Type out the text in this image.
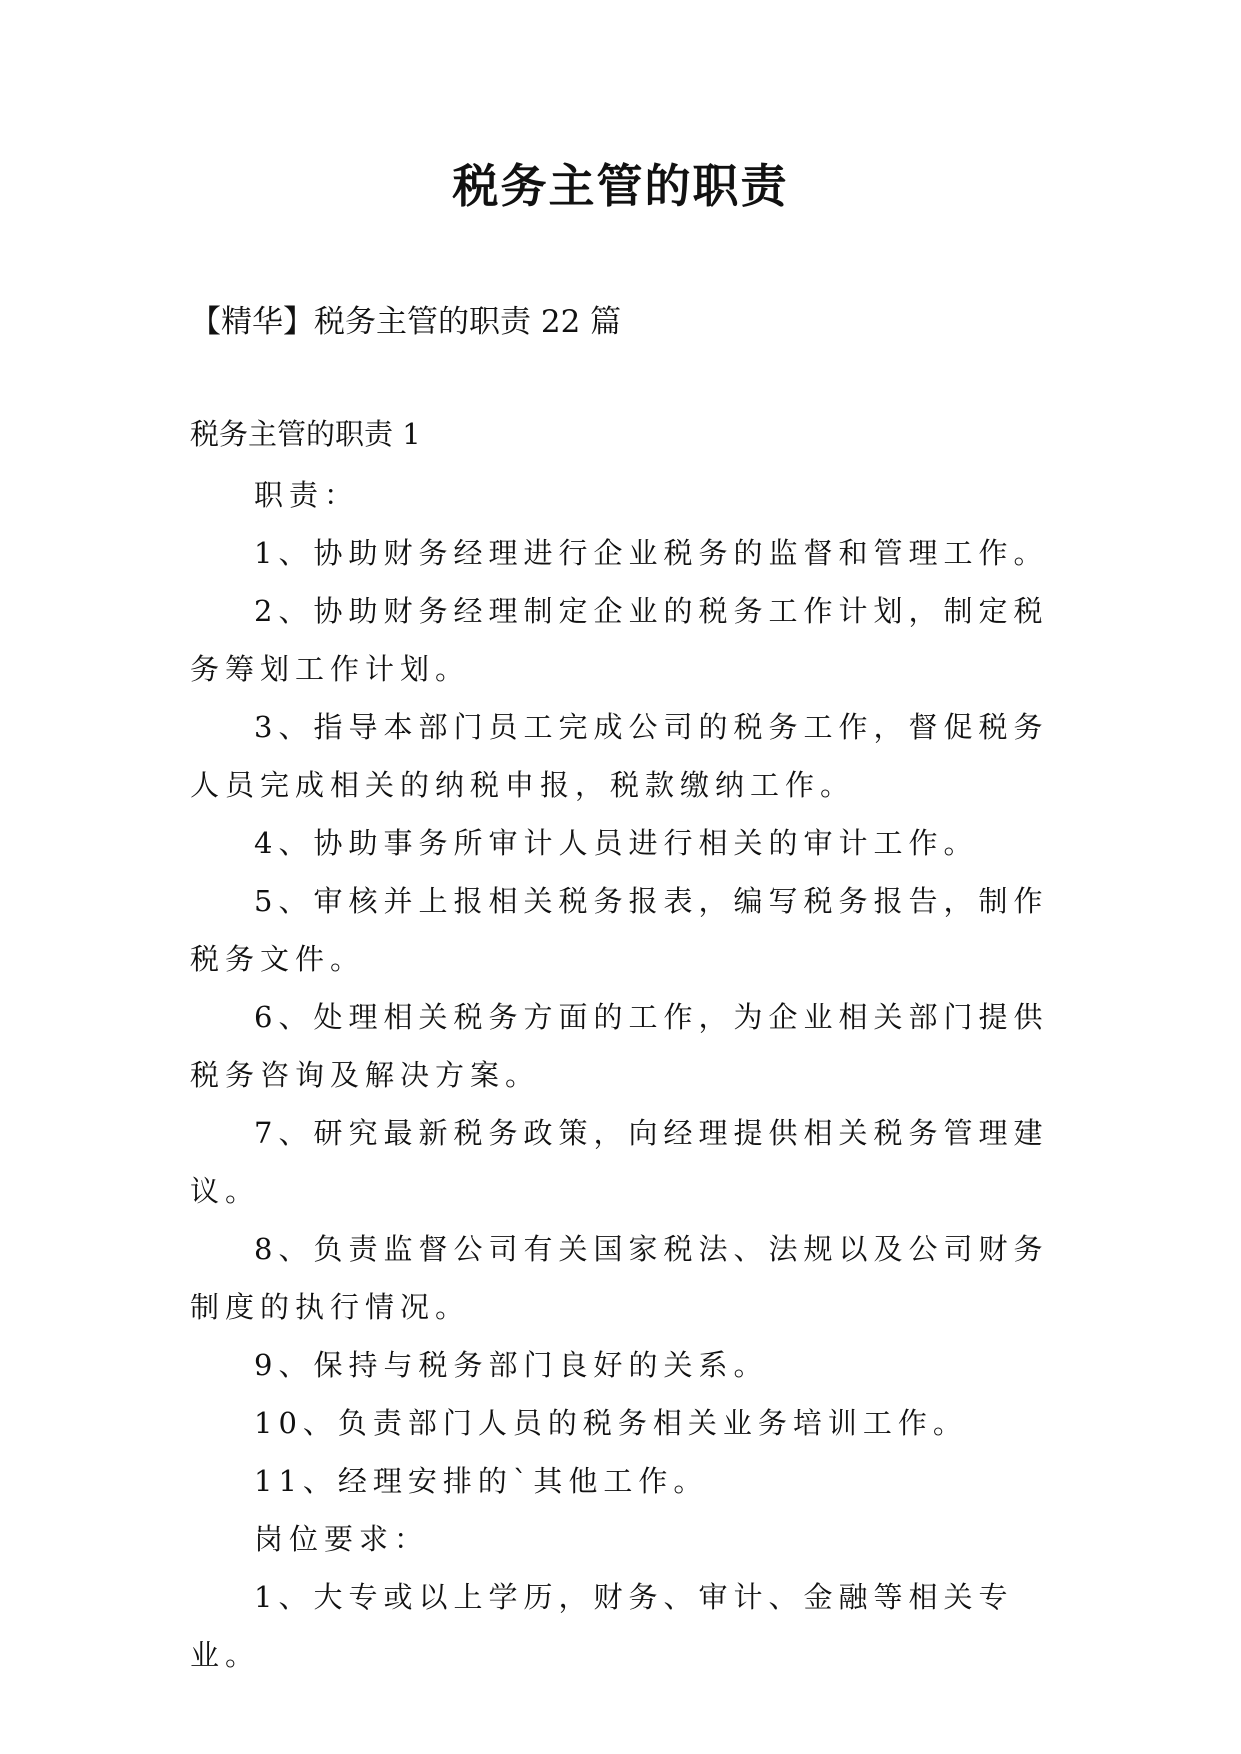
税务主管的职责
【精华】税务主管的职责 22 篇
税务主管的职责 1

职责：

1、协助财务经理进行企业税务的监督和管理工作。

2、协助财务经理制定企业的税务工作计划，制定税务筹划工作计划。

3、指导本部门员工完成公司的税务工作，督促税务人员完成相关的纳税申报，税款缴纳工作。

4、协助事务所审计人员进行相关的审计工作。

5、审核并上报相关税务报表，编写税务报告，制作税务文件。

6、处理相关税务方面的工作，为企业相关部门提供税务咨询及解决方案。

7、研究最新税务政策，向经理提供相关税务管理建议。

8、负责监督公司有关国家税法、法规以及公司财务制度的执行情况。

9、保持与税务部门良好的关系。

10、负责部门人员的税务相关业务培训工作。

11、经理安排的`其他工作。

岗位要求：

1、大专或以上学历，财务、审计、金融等相关专业。
